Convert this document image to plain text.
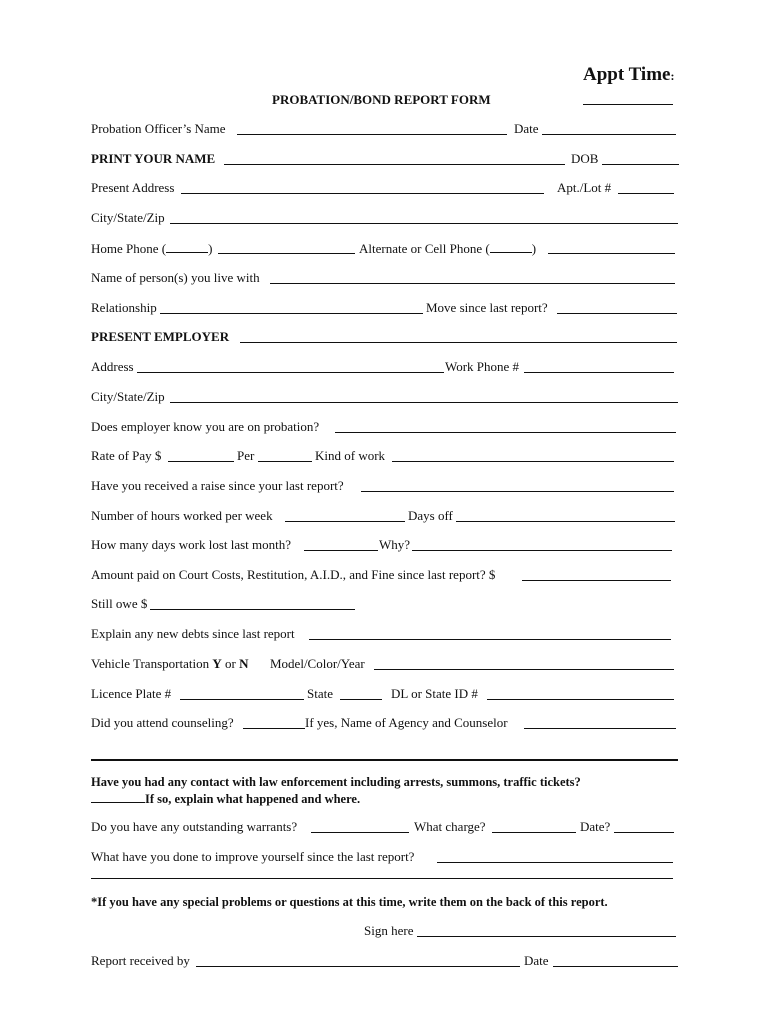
Appt Time:
PROBATION/BOND REPORT FORM
Probation Officer’s Name	Date
PRINT YOUR NAME	DOB
Present Address	Apt./Lot #
City/State/Zip
Home Phone (	)	Alternate or Cell Phone (	)
Name of person(s) you live with
Relationship	Move since last report?
PRESENT EMPLOYER
Address	Work Phone #
City/State/Zip
Does employer know you are on probation?
Rate of Pay $	Per	Kind of work
Have you received a raise since your last report?
Number of hours worked per week	Days off
How many days work lost last month?	Why?
Amount paid on Court Costs, Restitution, A.I.D., and Fine since last report? $
Still owe $
Explain any new debts since last report
Vehicle Transportation Y or N Model/Color/Year
Licence Plate #	State	DL or State ID #
Did you attend counseling?	If yes, Name of Agency and Counselor
Have you had any contact with law enforcement including arrests, summons, traffic tickets?
If so, explain what happened and where.
Do you have any outstanding warrants?	What charge?	Date?
What have you done to improve yourself since the last report?
*If you have any special problems or questions at this time, write them on the back of this report.
Sign here
Report received by	Date
